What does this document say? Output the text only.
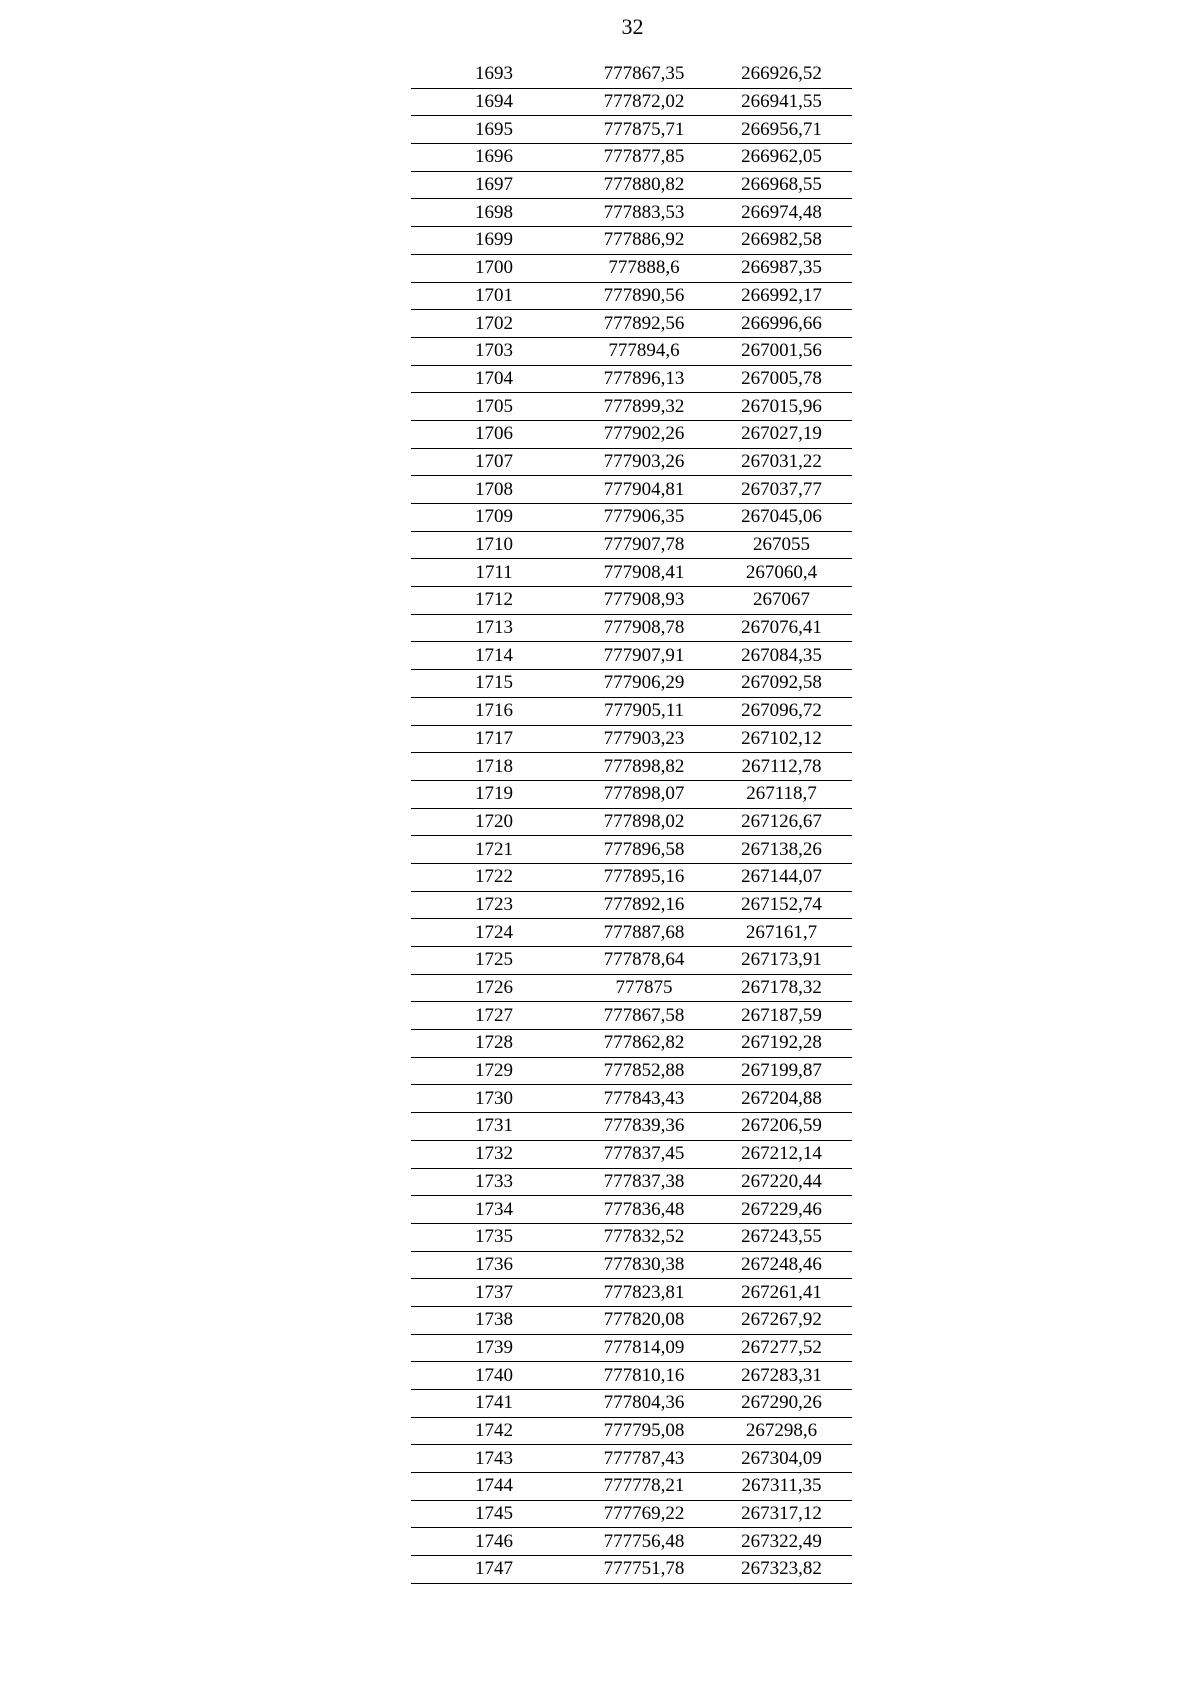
32
1693	777867,35	266926,52
1694	777872,02	266941,55
1695	777875,71	266956,71
1696	777877,85	266962,05
1697	777880,82	266968,55
1698	777883,53	266974,48
1699	777886,92	266982,58
1700	777888,6	266987,35
1701	777890,56	266992,17
1702	777892,56	266996,66
1703	777894,6	267001,56
1704	777896,13	267005,78
1705	777899,32	267015,96
1706	777902,26	267027,19
1707	777903,26	267031,22
1708	777904,81	267037,77
1709	777906,35	267045,06
1710	777907,78	267055
1711	777908,41	267060,4
1712	777908,93	267067
1713	777908,78	267076,41
1714	777907,91	267084,35
1715	777906,29	267092,58
1716	777905,11	267096,72
1717	777903,23	267102,12
1718	777898,82	267112,78
1719	777898,07	267118,7
1720	777898,02	267126,67
1721	777896,58	267138,26
1722	777895,16	267144,07
1723	777892,16	267152,74
1724	777887,68	267161,7
1725	777878,64	267173,91
1726	777875	267178,32
1727	777867,58	267187,59
1728	777862,82	267192,28
1729	777852,88	267199,87
1730	777843,43	267204,88
1731	777839,36	267206,59
1732	777837,45	267212,14
1733	777837,38	267220,44
1734	777836,48	267229,46
1735	777832,52	267243,55
1736	777830,38	267248,46
1737	777823,81	267261,41
1738	777820,08	267267,92
1739	777814,09	267277,52
1740	777810,16	267283,31
1741	777804,36	267290,26
1742	777795,08	267298,6
1743	777787,43	267304,09
1744	777778,21	267311,35
1745	777769,22	267317,12
1746	777756,48	267322,49
1747	777751,78	267323,82
